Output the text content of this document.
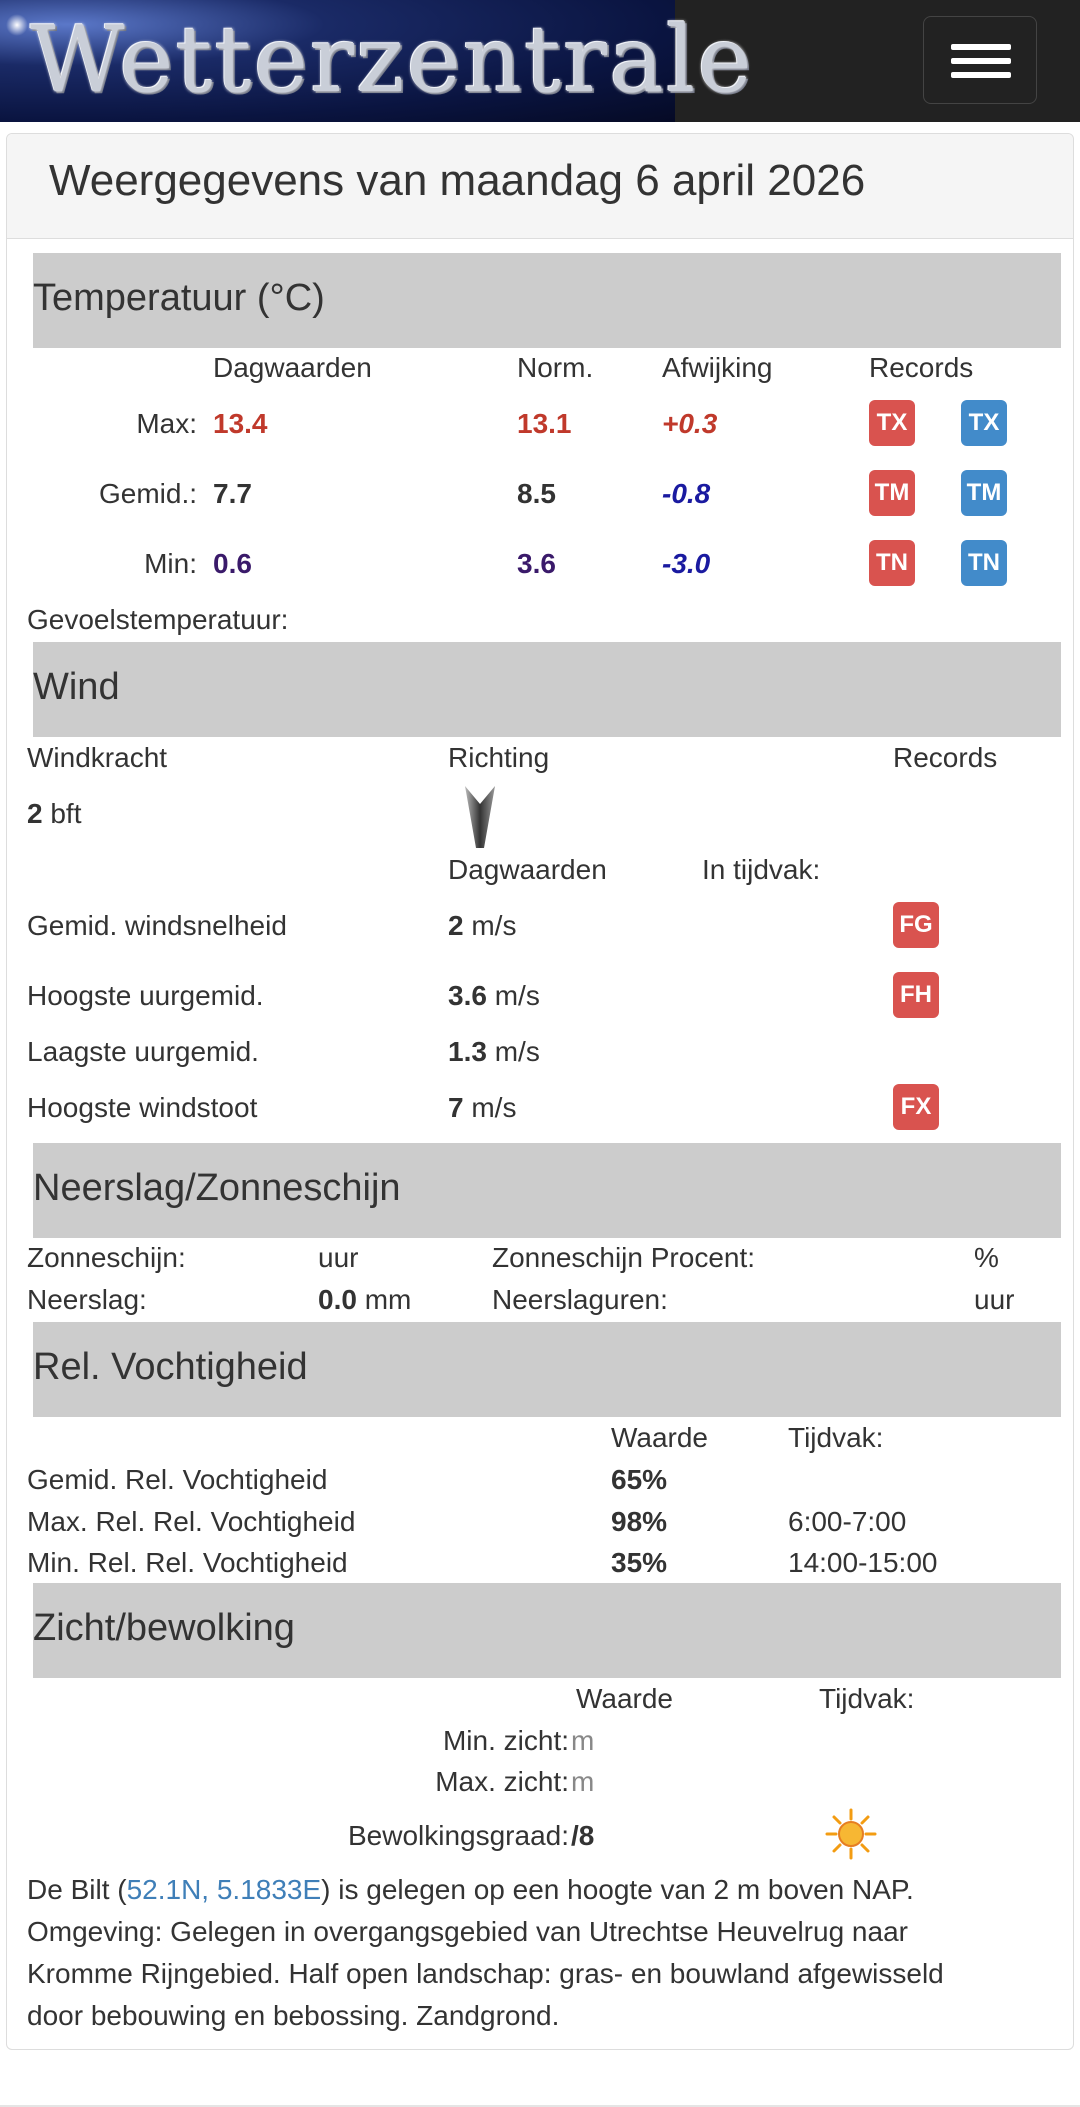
Wetterzentrale
Weergegevens van maandag 6 april 2026
Temperatuur (°C)
Dagwaarden	Norm. Afwijking	Records
Max: 13.4	13.1	+0.3	TX	TX
Gemid.: 7.7	8.5	-0.8	TM TM
Min: 0.6	3.6	-3.0	TN	TN
Gevoelstemperatuur:
Wind
Windkracht	Richting	Records
2 bft
Dagwaarden	In tijdvak:
Gemid. windsnelheid	2 m/s	FG
Hoogste uurgemid.	3.6 m/s	FH
Laagste uurgemid.	1.3 m/s
Hoogste windstoot	7 m/s	FX
Neerslag/Zonneschijn
Zonneschijn:	uur	Zonneschijn Procent:	%
Neerslag:	0.0 mm	Neerslaguren:	uur
Rel. Vochtigheid
Waarde	Tijdvak:
Gemid. Rel. Vochtigheid	65%
Max. Rel. Rel. Vochtigheid	98%	6:00-7:00
Min. Rel. Rel. Vochtigheid	35%	14:00-15:00
Zicht/bewolking
Waarde	Tijdvak:
Min. zicht: m
Max. zicht: m
Bewolkingsgraad: /8
De Bilt (52.1N, 5.1833E) is gelegen op een hoogte van 2 m boven NAP.
Omgeving: Gelegen in overgangsgebied van Utrechtse Heuvelrug naar
Kromme Rijngebied. Half open landschap: gras- en bouwland afgewisseld
door bebouwing en bebossing. Zandgrond.
